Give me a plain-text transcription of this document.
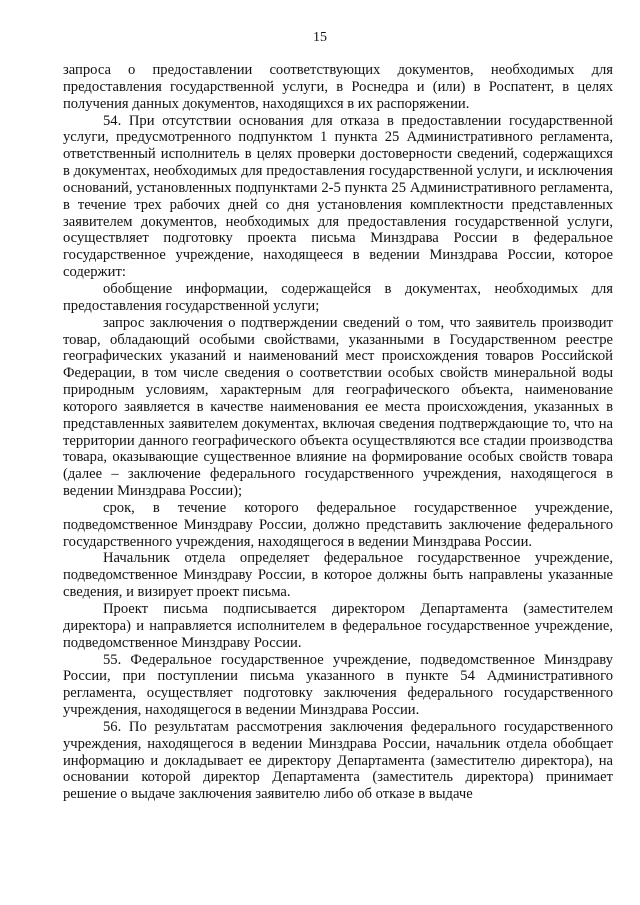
15

запроса о предоставлении соответствующих документов, необходимых для предоставления государственной услуги, в Роснедра и (или) в Роспатент, в целях получения данных документов, находящихся в их распоряжении.

54. При отсутствии основания для отказа в предоставлении государственной услуги, предусмотренного подпунктом 1 пункта 25 Административного регламента, ответственный исполнитель в целях проверки достоверности сведений, содержащихся в документах, необходимых для предоставления государственной услуги, и исключения оснований, установленных подпунктами 2-5 пункта 25 Административного регламента, в течение трех рабочих дней со дня установления комплектности представленных заявителем документов, необходимых для предоставления государственной услуги, осуществляет подготовку проекта письма Минздрава России в федеральное государственное учреждение, находящееся в ведении Минздрава России, которое содержит:

обобщение информации, содержащейся в документах, необходимых для предоставления государственной услуги;

запрос заключения о подтверждении сведений о том, что заявитель производит товар, обладающий особыми свойствами, указанными в Государственном реестре географических указаний и наименований мест происхождения товаров Российской Федерации, в том числе сведения о соответствии особых свойств минеральной воды природным условиям, характерным для географического объекта, наименование которого заявляется в качестве наименования ее места происхождения, указанных в представленных заявителем документах, включая сведения подтверждающие то, что на территории данного географического объекта осуществляются все стадии производства товара, оказывающие существенное влияние на формирование особых свойств товара (далее – заключение федерального государственного учреждения, находящегося в ведении Минздрава России);

срок, в течение которого федеральное государственное учреждение, подведомственное Минздраву России, должно представить заключение федерального государственного учреждения, находящегося в ведении Минздрава России.

Начальник отдела определяет федеральное государственное учреждение, подведомственное Минздраву России, в которое должны быть направлены указанные сведения, и визирует проект письма.

Проект письма подписывается директором Департамента (заместителем директора) и направляется исполнителем в федеральное государственное учреждение, подведомственное Минздраву России.

55. Федеральное государственное учреждение, подведомственное Минздраву России, при поступлении письма указанного в пункте 54 Административного регламента, осуществляет подготовку заключения федерального государственного учреждения, находящегося в ведении Минздрава России.

56. По результатам рассмотрения заключения федерального государственного учреждения, находящегося в ведении Минздрава России, начальник отдела обобщает информацию и докладывает ее директору Департамента (заместителю директора), на основании которой директор Департамента (заместитель директора) принимает решение о выдаче заключения заявителю либо об отказе в выдаче
